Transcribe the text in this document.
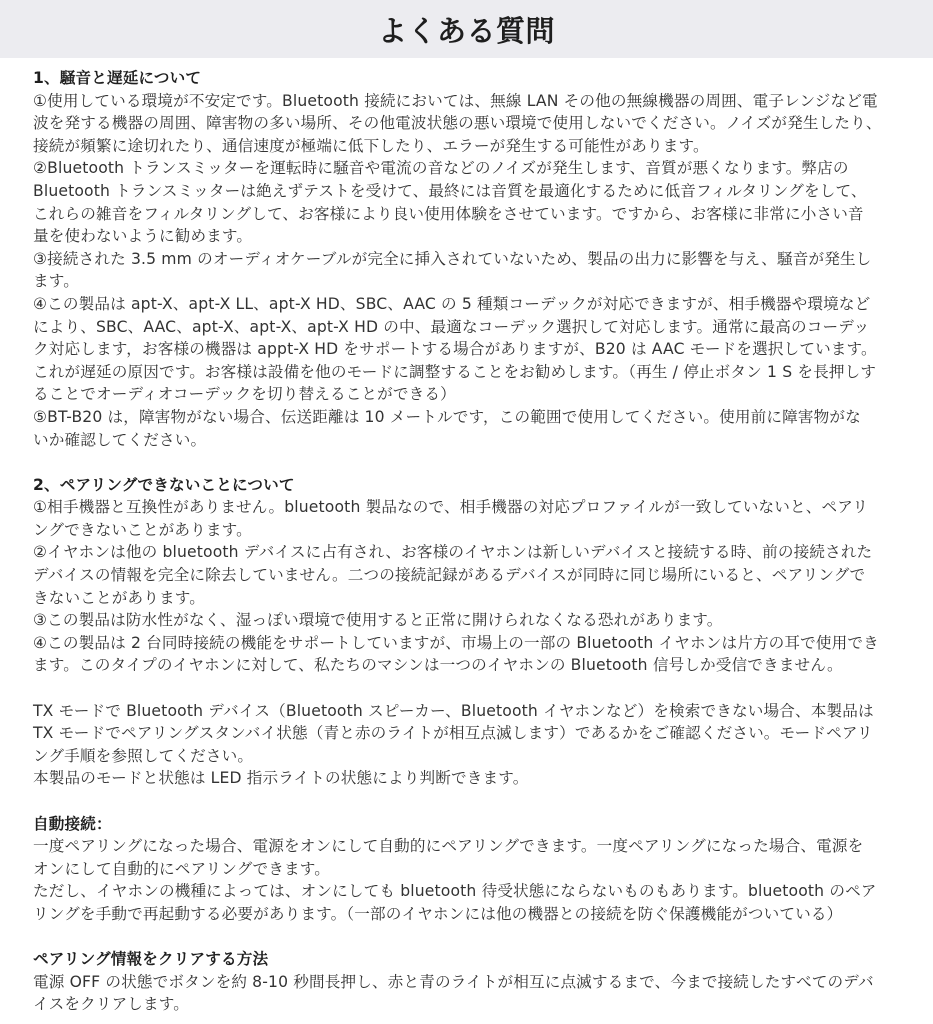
よくある質問
1、騒音と遅延について
①使用している環境が不安定です。Bluetooth 接続においては、無線 LAN その他の無線機器の周囲、電子レンジなど電
波を発する機器の周囲、障害物の多い場所、その他電波状態の悪い環境で使用しないでください。ノイズが発生したり、
接続が頻繁に途切れたり、通信速度が極端に低下したり、エラーが発生する可能性があります。
②Bluetooth トランスミッターを運転時に騒音や電流の音などのノイズが発生します、音質が悪くなります。弊店の
Bluetooth トランスミッターは絶えずテストを受けて、最終には音質を最適化するために低音フィルタリングをして、
これらの雑音をフィルタリングして、お客様により良い使用体験をさせています。ですから、お客様に非常に小さい音
量を使わないように勧めます。
③接続された 3.5 mm のオーディオケーブルが完全に挿入されていないため、製品の出力に影響を与え、騒音が発生し
ます。
④この製品は apt-X、apt-X LL、apt-X HD、SBC、AAC の 5 種類コーデックが対応できますが、相手機器や環境など
により、SBC、AAC、apt-X、apt-X、apt-X HD の中、最適なコーデック選択して対応します。通常に最高のコーデッ
ク対応します，お客様の機器は appt-X HD をサポートする場合がありますが、B20 は AAC モードを選択しています。
これが遅延の原因です。お客様は設備を他のモードに調整することをお勧めします。（再生 / 停止ボタン 1 S を長押しす
ることでオーディオコーデックを切り替えることができる）
⑤BT-B20 は，障害物がない場合、伝送距離は 10 メートルです，この範囲で使用してください。使用前に障害物がな
いか確認してください。
2、ペアリングできないことについて
①相手機器と互換性がありません。bluetooth 製品なので、相手機器の対応プロファイルが一致していないと、ペアリ
ングできないことがあります。
②イヤホンは他の bluetooth デバイスに占有され、お客様のイヤホンは新しいデバイスと接続する時、前の接続された
デバイスの情報を完全に除去していません。二つの接続記録があるデバイスが同時に同じ場所にいると、ペアリングで
きないことがあります。
③この製品は防水性がなく、湿っぽい環境で使用すると正常に開けられなくなる恐れがあります。
④この製品は 2 台同時接続の機能をサポートしていますが、市場上の一部の Bluetooth イヤホンは片方の耳で使用でき
ます。このタイプのイヤホンに対して、私たちのマシンは一つのイヤホンの Bluetooth 信号しか受信できません。
TX モードで Bluetooth デバイス（Bluetooth スピーカー、Bluetooth イヤホンなど）を検索できない場合、本製品は
TX モードでペアリングスタンバイ状態（青と赤のライトが相互点滅します）であるかをご確認ください。モードペアリ
ング手順を参照してください。
本製品のモードと状態は LED 指示ライトの状態により判断できます。
自動接続：
一度ペアリングになった場合、電源をオンにして自動的にペアリングできます。一度ペアリングになった場合、電源を
オンにして自動的にペアリングできます。
ただし、イヤホンの機種によっては、オンにしても bluetooth 待受状態にならないものもあります。bluetooth のペア
リングを手動で再起動する必要があります。（一部のイヤホンには他の機器との接続を防ぐ保護機能がついている）
ペアリング情報をクリアする方法
電源 OFF の状態でボタンを約 8-10 秒間長押し、赤と青のライトが相互に点滅するまで、今まで接続したすべてのデバ
イスをクリアします。
